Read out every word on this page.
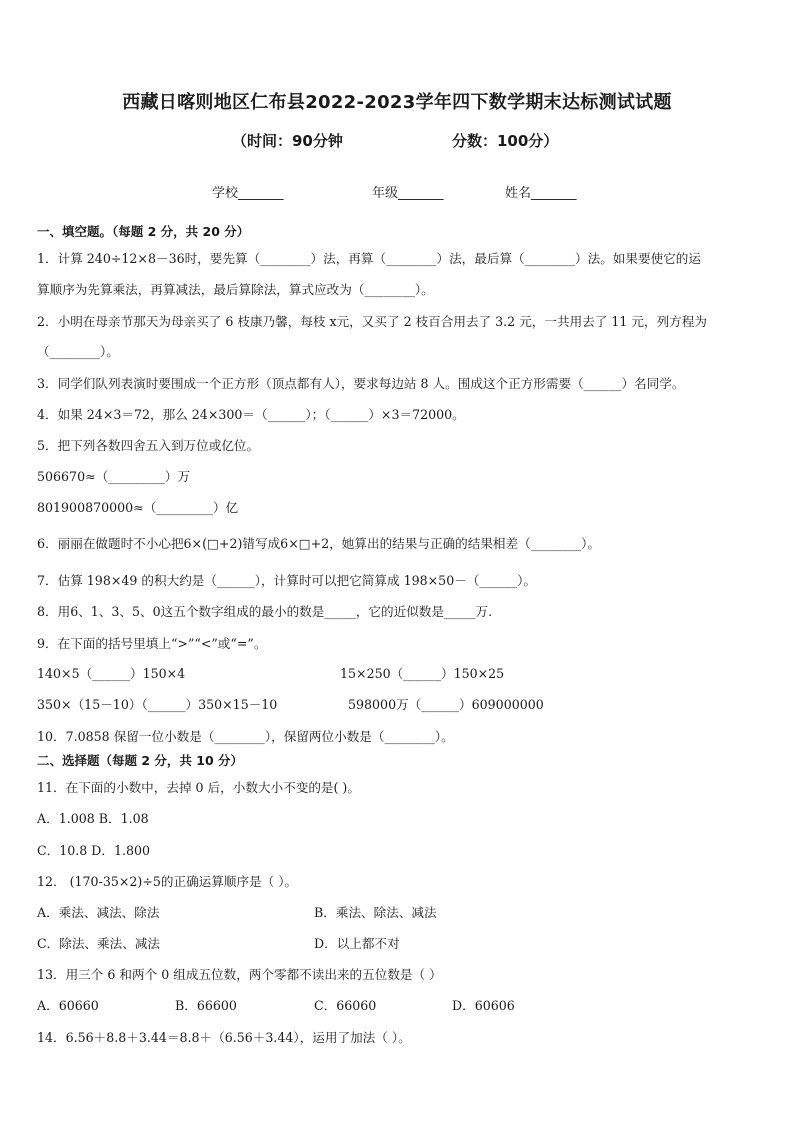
西藏日喀则地区仁布县2022-2023学年四下数学期末达标测试试题
（时间：90分钟	分数：100分）
学校_______	年级_______	姓名_______
一、填空题。（每题 2 分，共 20 分）
1．计算 240÷12×8－36时，要先算（________）法，再算（________）法，最后算（________）法。如果要使它的运
算顺序为先算乘法，再算减法，最后算除法，算式应改为（________）。
2．小明在母亲节那天为母亲买了 6 枝康乃馨，每枝 x元，又买了 2 枝百合用去了 3.2 元，一共用去了 11 元，列方程为
（________）。
3．同学们队列表演时要围成一个正方形（顶点都有人），要求每边站 8 人。围成这个正方形需要（______）名同学。
4．如果 24×3＝72，那么 24×300＝（______）；（______）×3＝72000。
5．把下列各数四舍五入到万位或亿位。
506670≈（_________）万
801900870000≈（_________）亿
6．丽丽在做题时不小心把6×(□+2)错写成6×□+2，她算出的结果与正确的结果相差（________）。
7．估算 198×49 的积大约是（______），计算时可以把它简算成 198×50－（______）。
8．用6、1、3、5、0这五个数字组成的最小的数是_____，它的近似数是_____万.
9．在下面的括号里填上“>”“<”或“=”。
140×5（______）150×4	15×250（______）150×25
350×（15－10）（______）350×15－10	598000万（______）609000000
10．7.0858 保留一位小数是（________），保留两位小数是（________）。
二、选择题（每题 2 分，共 10 分）
11．在下面的小数中，去掉 0 后，小数大小不变的是( )。
A．1.008 B．1.08
C．10.8 D．1.800
12． (170-35×2)÷5的正确运算顺序是（ ）。
A．乘法、减法、除法	B．乘法、除法、减法
C．除法、乘法、减法	D．以上都不对
13．用三个 6 和两个 0 组成五位数，两个零都不读出来的五位数是（ ）
A．60660	B．66600	C．66060	D．60606
14．6.56＋8.8＋3.44＝8.8＋（6.56＋3.44），运用了加法（ ）。
